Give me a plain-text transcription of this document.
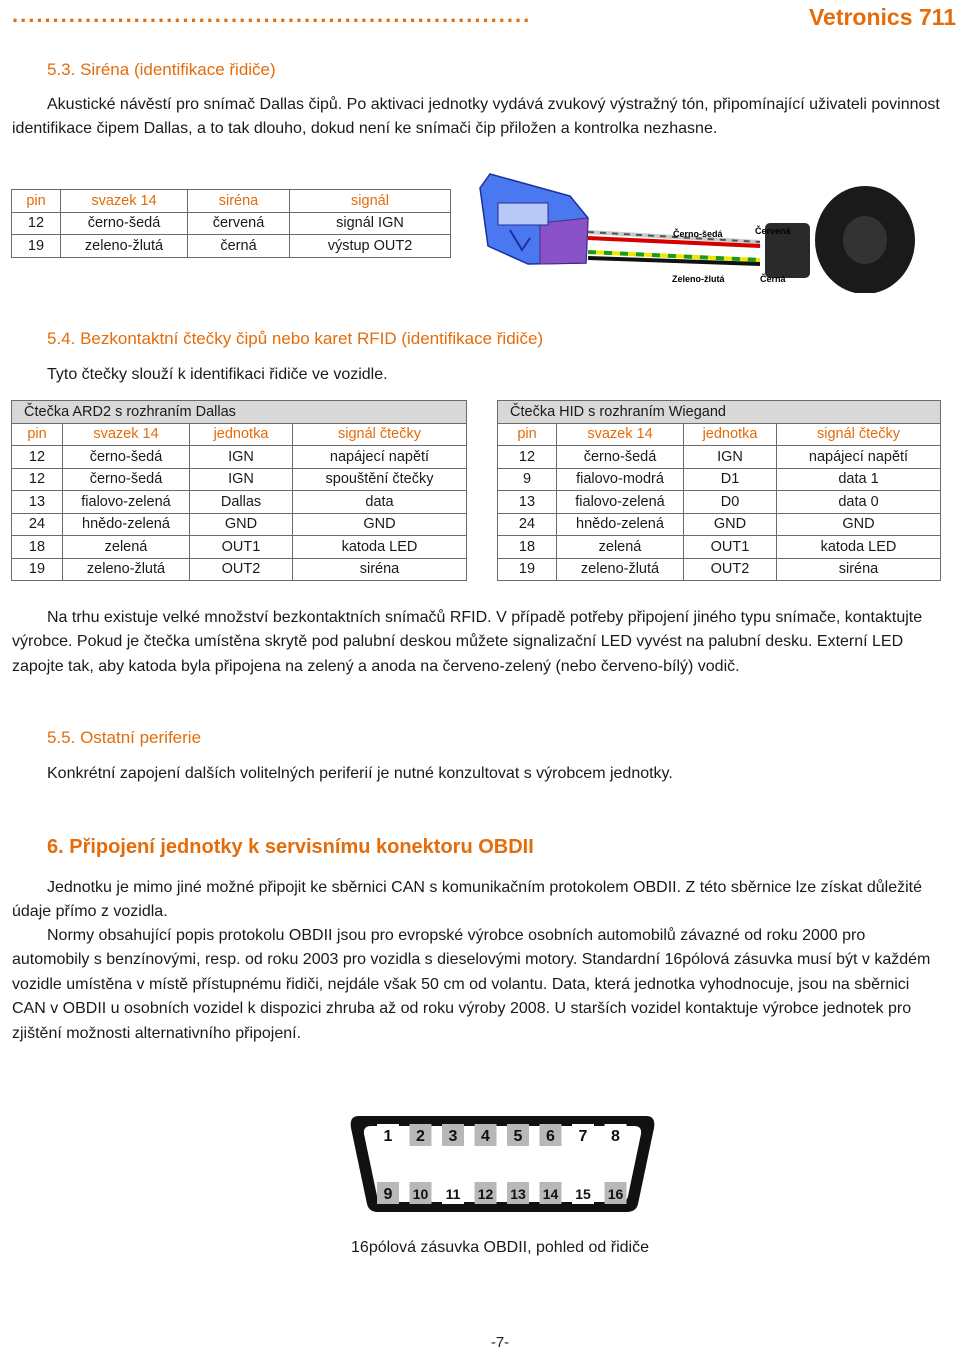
................................................................	Vetronics 711
5.3. Siréna (identifikace řidiče)
Akustické návěstí pro snímač Dallas čipů. Po aktivaci jednotky vydává zvukový výstražný tón, připomínající uživateli povinnost identifikace čipem Dallas, a to tak dlouho, dokud není ke snímači čip přiložen a kontrolka nezhasne.
pin	svazek 14	siréna	signál
12	černo-šedá	červená	signál IGN
19	zeleno-žlutá	černá	výstup OUT2
Černo-šedá	Červená
Zeleno-žlutá	Černá
5.4. Bezkontaktní čtečky čipů nebo karet RFID (identifikace řidiče)
Tyto čtečky slouží k identifikaci řidiče ve vozidle.
Čtečka ARD2 s rozhraním Dallas			
pin	svazek 14	jednotka	signál čtečky
12	černo-šedá	IGN	napájecí napětí
12	černo-šedá	IGN	spouštění čtečky
13	fialovo-zelená	Dallas	data
24	hnědo-zelená	GND	GND
18	zelená	OUT1	katoda LED
19	zeleno-žlutá	OUT2	siréna
Čtečka HID s rozhraním Wiegand			
pin	svazek 14	jednotka	signál čtečky
12	černo-šedá	IGN	napájecí napětí
9	fialovo-modrá	D1	data 1
13	fialovo-zelená	D0	data 0
24	hnědo-zelená	GND	GND
18	zelená	OUT1	katoda LED
19	zeleno-žlutá	OUT2	siréna
Na trhu existuje velké množství bezkontaktních snímačů RFID. V případě potřeby připojení jiného typu snímače, kontaktujte výrobce. Pokud je čtečka umístěna skrytě pod palubní deskou můžete signalizační LED vyvést na palubní desku. Externí LED zapojte tak, aby katoda byla připojena na zelený a anoda na červeno-zelený (nebo červeno-bílý) vodič.
5.5. Ostatní periferie
Konkrétní zapojení dalších volitelných periferií je nutné konzultovat s výrobcem jednotky.
6. Připojení jednotky k servisnímu konektoru OBDII
Jednotku je mimo jiné možné připojit ke sběrnici CAN s komunikačním protokolem OBDII. Z této sběrnice lze získat důležité údaje přímo z vozidla.
Normy obsahující popis protokolu OBDII jsou pro evropské výrobce osobních automobilů závazné od roku 2000 pro automobily s benzínovými, resp. od roku 2003 pro vozidla s dieselovými motory. Standardní 16pólová zásuvka musí být v každém vozidle umístěna v místě přístupnému řidiči, nejdále však 50 cm od volantu. Data, která jednotka vyhodnocuje, jsou na sběrnici CAN v OBDII u osobních vozidel k dispozici zhruba až od roku výroby 2008. U starších vozidel kontaktuje výrobce jednotek pro zjištění možnosti alternativního připojení.
1 2 3 4 5 6 7 8
9 10 11 12 13 14 15 16
16pólová zásuvka OBDII, pohled od řidiče
-7-
